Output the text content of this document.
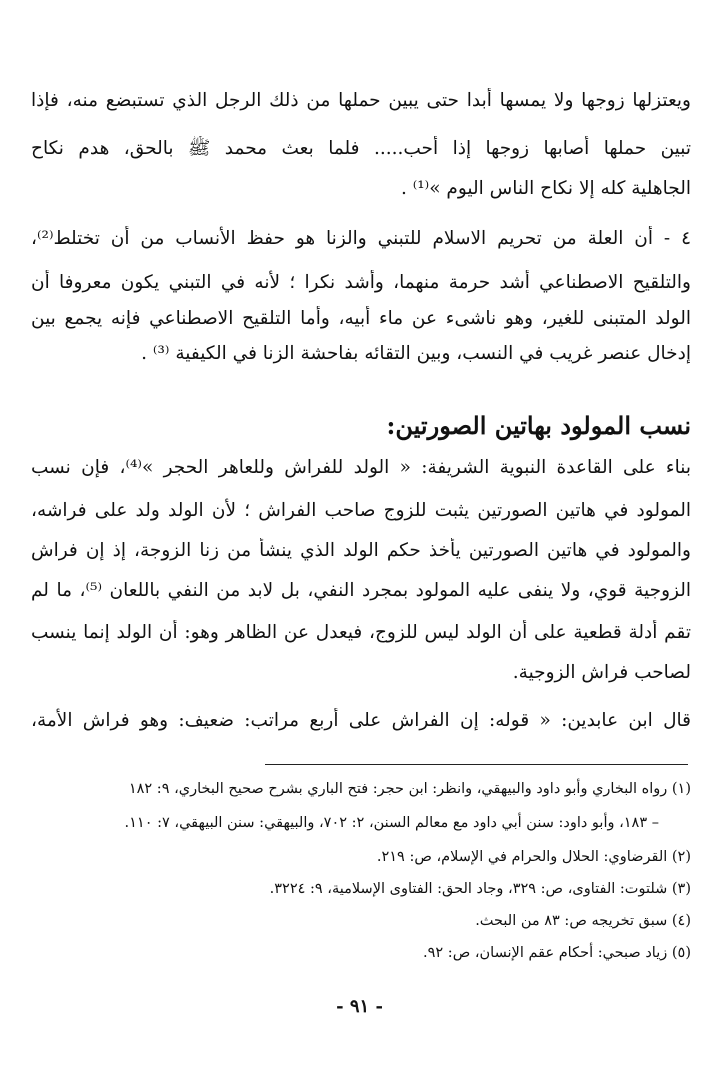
ويعتزلها زوجها ولا يمسها أبدا حتى يبين حملها من ذلك الرجل الذي تستبضع منه، فإذا
تبين حملها أصابها زوجها إذا أحب..... فلما بعث محمد ﷺ بالحق، هدم نكاح
الجاهلية كله إلا نكاح الناس اليوم »⁽¹⁾ .
٤ - أن العلة من تحريم الاسلام للتبني والزنا هو حفظ الأنساب من أن تختلط⁽²⁾،
والتلقيح الاصطناعي أشد حرمة منهما، وأشد نكرا ؛ لأنه في التبني يكون معروفا أن
الولد المتبنى للغير، وهو ناشىء عن ماء أبيه، وأما التلقيح الاصطناعي فإنه يجمع بين
إدخال عنصر غريب في النسب، وبين التقائه بفاحشة الزنا في الكيفية ⁽³⁾ .
نسب المولود بهاتين الصورتين:
بناء على القاعدة النبوية الشريفة: « الولد للفراش وللعاهر الحجر »⁽⁴⁾، فإن نسب
المولود في هاتين الصورتين يثبت للزوج صاحب الفراش ؛ لأن الولد ولد على فراشه،
والمولود في هاتين الصورتين يأخذ حكم الولد الذي ينشأ من زنا الزوجة، إذ إن فراش
الزوجية قوي، ولا ينفى عليه المولود بمجرد النفي، بل لابد من النفي باللعان ⁽⁵⁾، ما لم
تقم أدلة قطعية على أن الولد ليس للزوج، فيعدل عن الظاهر وهو: أن الولد إنما ينسب
لصاحب فراش الزوجية.
قال ابن عابدين: « قوله: إن الفراش على أربع مراتب: ضعيف: وهو فراش الأمة،
(١) رواه البخاري وأبو داود والبيهقي، وانظر: ابن حجر: فتح الباري بشرح صحيح البخاري، ٩: ١٨٢
– ١٨٣، وأبو داود: سنن أبي داود مع معالم السنن، ٢: ٧٠٢، والبيهقي: سنن البيهقي، ٧: ١١٠.
(٢) القرضاوي: الحلال والحرام في الإسلام، ص: ٢١٩.
(٣) شلتوت: الفتاوى، ص: ٣٢٩، وجاد الحق: الفتاوى الإسلامية، ٩: ٣٢٢٤.
(٤) سبق تخريجه ص: ٨٣ من البحث.
(٥) زياد صبحي: أحكام عقم الإنسان، ص: ٩٢.
- ٩١ -
